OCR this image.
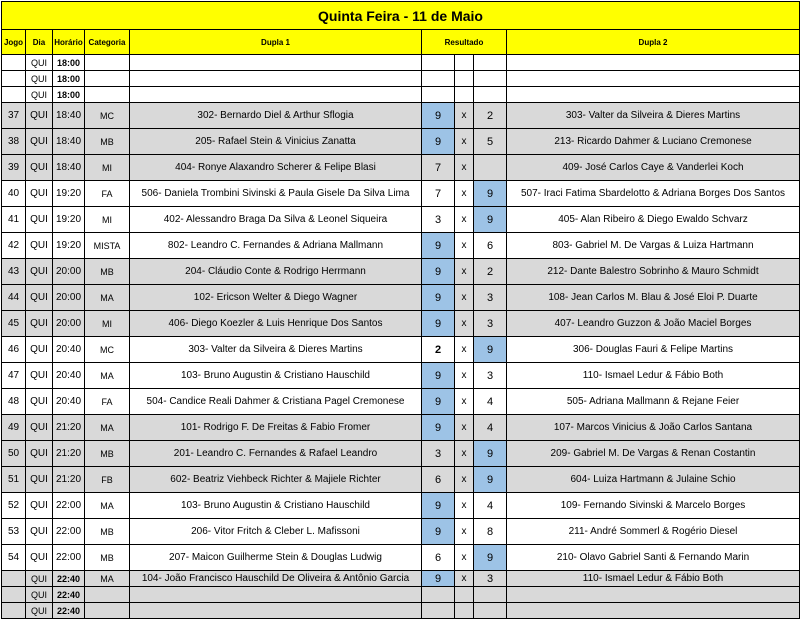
Quinta Feira - 11 de Maio								
Jogo	Dia	Horário	Categoria	Dupla 1	Resultado			Dupla 2
	QUI	18:00						
	QUI	18:00						
	QUI	18:00						
37	QUI	18:40	MC	302- Bernardo Diel & Arthur Sflogia	9	x	2	303- Valter da Silveira & Dieres Martins
38	QUI	18:40	MB	205- Rafael Stein & Vinicius Zanatta	9	x	5	213- Ricardo Dahmer & Luciano Cremonese
39	QUI	18:40	MI	404- Ronye Alaxandro Scherer & Felipe Blasi	7	x		409- José Carlos Caye & Vanderlei Koch
40	QUI	19:20	FA	506- Daniela Trombini Sivinski & Paula Gisele Da Silva Lima	7	x	9	507- Iraci Fatima Sbardelotto & Adriana Borges Dos Santos
41	QUI	19:20	MI	402- Alessandro Braga Da Silva & Leonel Siqueira	3	x	9	405- Alan Ribeiro & Diego Ewaldo Schvarz
42	QUI	19:20	MISTA	802- Leandro C. Fernandes & Adriana Mallmann	9	x	6	803- Gabriel M. De Vargas & Luiza Hartmann
43	QUI	20:00	MB	204- Cláudio Conte & Rodrigo Herrmann	9	x	2	212- Dante Balestro Sobrinho & Mauro Schmidt
44	QUI	20:00	MA	102- Ericson Welter & Diego Wagner	9	x	3	108- Jean Carlos M. Blau & José Eloi P. Duarte
45	QUI	20:00	MI	406- Diego Koezler & Luis Henrique Dos Santos	9	x	3	407- Leandro Guzzon & João Maciel Borges
46	QUI	20:40	MC	303- Valter da Silveira & Dieres Martins	2	x	9	306- Douglas Fauri & Felipe Martins
47	QUI	20:40	MA	103- Bruno Augustin & Cristiano Hauschild	9	x	3	110- Ismael Ledur & Fábio Both
48	QUI	20:40	FA	504- Candice Reali Dahmer & Cristiana Pagel Cremonese	9	x	4	505- Adriana Mallmann & Rejane Feier
49	QUI	21:20	MA	101- Rodrigo F. De Freitas & Fabio Fromer	9	x	4	107- Marcos Vinicius & João Carlos Santana
50	QUI	21:20	MB	201- Leandro C. Fernandes & Rafael Leandro	3	x	9	209- Gabriel M. De Vargas & Renan Costantin
51	QUI	21:20	FB	602- Beatriz Viehbeck Richter & Majiele Richter	6	x	9	604- Luiza Hartmann & Julaine Schio
52	QUI	22:00	MA	103- Bruno Augustin & Cristiano Hauschild	9	x	4	109- Fernando Sivinski & Marcelo Borges
53	QUI	22:00	MB	206- Vitor Fritch & Cleber L. Mafissoni	9	x	8	211- André Sommerl & Rogério Diesel
54	QUI	22:00	MB	207- Maicon Guilherme Stein & Douglas Ludwig	6	x	9	210- Olavo Gabriel Santi & Fernando Marin
	QUI	22:40	MA	104- João Francisco Hauschild De Oliveira & Antônio Garcia	9	x	3	110- Ismael Ledur & Fábio Both
	QUI	22:40						
	QUI	22:40						
